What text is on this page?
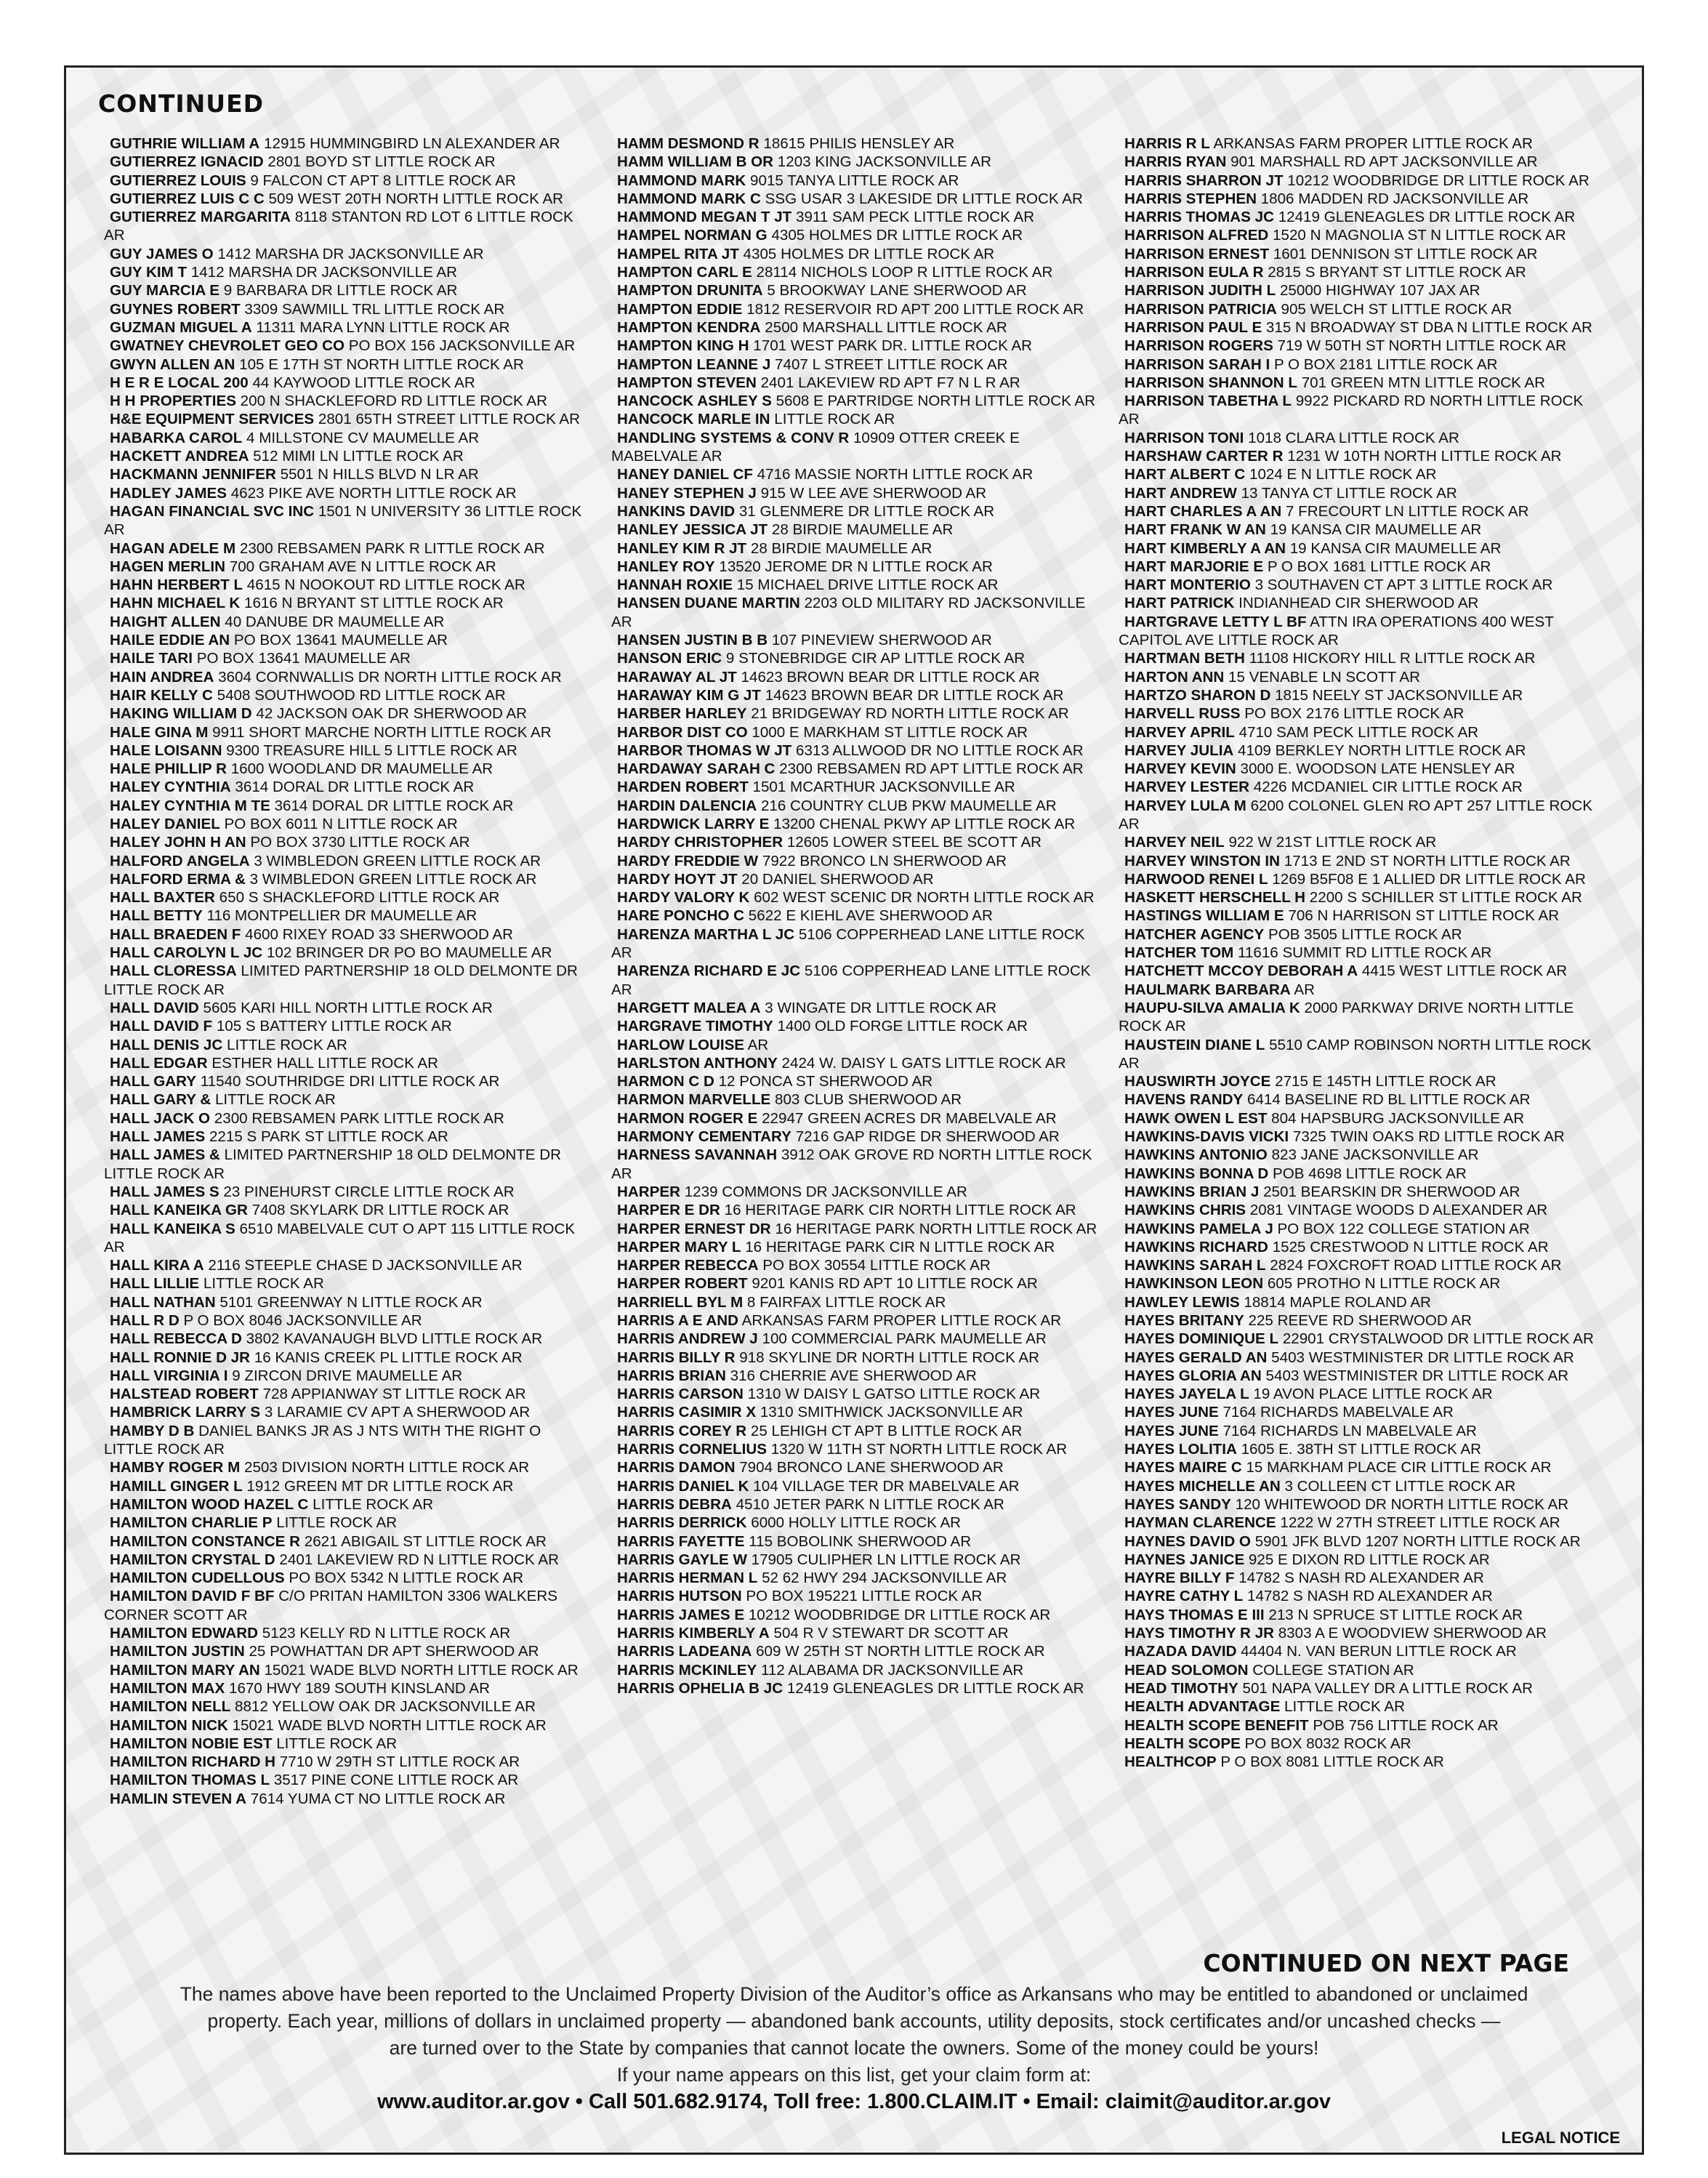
CONTINUED

GUTHRIE WILLIAM A 12915 HUMMINGBIRD LN ALEXANDER AR

GUTIERREZ IGNACID 2801 BOYD ST LITTLE ROCK AR

GUTIERREZ LOUIS 9 FALCON CT APT 8 LITTLE ROCK AR

GUTIERREZ LUIS C C 509 WEST 20TH NORTH LITTLE ROCK AR

GUTIERREZ MARGARITA 8118 STANTON RD LOT 6 LITTLE ROCK AR

GUY JAMES O 1412 MARSHA DR JACKSONVILLE AR

GUY KIM T 1412 MARSHA DR JACKSONVILLE AR

GUY MARCIA E 9 BARBARA DR LITTLE ROCK AR

GUYNES ROBERT 3309 SAWMILL TRL LITTLE ROCK AR

GUZMAN MIGUEL A 11311 MARA LYNN LITTLE ROCK AR

GWATNEY CHEVROLET GEO CO PO BOX 156 JACKSONVILLE AR

GWYN ALLEN AN 105 E 17TH ST NORTH LITTLE ROCK AR

H E R E LOCAL 200 44 KAYWOOD LITTLE ROCK AR

H H PROPERTIES 200 N SHACKLEFORD RD LITTLE ROCK AR

H&E EQUIPMENT SERVICES 2801 65TH STREET LITTLE ROCK AR

HABARKA CAROL 4 MILLSTONE CV MAUMELLE AR

HACKETT ANDREA 512 MIMI LN LITTLE ROCK AR

HACKMANN JENNIFER 5501 N HILLS BLVD N LR AR

HADLEY JAMES 4623 PIKE AVE NORTH LITTLE ROCK AR

HAGAN FINANCIAL SVC INC 1501 N UNIVERSITY 36 LITTLE ROCK AR

HAGAN ADELE M 2300 REBSAMEN PARK R LITTLE ROCK AR

HAGEN MERLIN 700 GRAHAM AVE N LITTLE ROCK AR

HAHN HERBERT L 4615 N NOOKOUT RD LITTLE ROCK AR

HAHN MICHAEL K 1616 N BRYANT ST LITTLE ROCK AR

HAIGHT ALLEN 40 DANUBE DR MAUMELLE AR

HAILE EDDIE AN PO BOX 13641 MAUMELLE AR

HAILE TARI PO BOX 13641 MAUMELLE AR

HAIN ANDREA 3604 CORNWALLIS DR NORTH LITTLE ROCK AR

HAIR KELLY C 5408 SOUTHWOOD RD LITTLE ROCK AR

HAKING WILLIAM D 42 JACKSON OAK DR SHERWOOD AR

HALE GINA M 9911 SHORT MARCHE NORTH LITTLE ROCK AR

HALE LOISANN 9300 TREASURE HILL 5 LITTLE ROCK AR

HALE PHILLIP R 1600 WOODLAND DR MAUMELLE AR

HALEY CYNTHIA 3614 DORAL DR LITTLE ROCK AR

HALEY CYNTHIA M TE 3614 DORAL DR LITTLE ROCK AR

HALEY DANIEL PO BOX 6011 N LITTLE ROCK AR

HALEY JOHN H AN PO BOX 3730 LITTLE ROCK AR

HALFORD ANGELA 3 WIMBLEDON GREEN LITTLE ROCK AR

HALFORD ERMA & 3 WIMBLEDON GREEN LITTLE ROCK AR

HALL BAXTER 650 S SHACKLEFORD LITTLE ROCK AR

HALL BETTY 116 MONTPELLIER DR MAUMELLE AR

HALL BRAEDEN F 4600 RIXEY ROAD 33 SHERWOOD AR

HALL CAROLYN L JC 102 BRINGER DR PO BO MAUMELLE AR

HALL CLORESSA LIMITED PARTNERSHIP 18 OLD DELMONTE DR LITTLE ROCK AR

HALL DAVID 5605 KARI HILL NORTH LITTLE ROCK AR

HALL DAVID F 105 S BATTERY LITTLE ROCK AR

HALL DENIS JC LITTLE ROCK AR

HALL EDGAR ESTHER HALL LITTLE ROCK AR

HALL GARY 11540 SOUTHRIDGE DRI LITTLE ROCK AR

HALL GARY & LITTLE ROCK AR

HALL JACK O 2300 REBSAMEN PARK LITTLE ROCK AR

HALL JAMES 2215 S PARK ST LITTLE ROCK AR

HALL JAMES & LIMITED PARTNERSHIP 18 OLD DELMONTE DR LITTLE ROCK AR

HALL JAMES S 23 PINEHURST CIRCLE LITTLE ROCK AR

HALL KANEIKA GR 7408 SKYLARK DR LITTLE ROCK AR

HALL KANEIKA S 6510 MABELVALE CUT O APT 115 LITTLE ROCK AR

HALL KIRA A 2116 STEEPLE CHASE D JACKSONVILLE AR

HALL LILLIE LITTLE ROCK AR

HALL NATHAN 5101 GREENWAY N LITTLE ROCK AR

HALL R D P O BOX 8046 JACKSONVILLE AR

HALL REBECCA D 3802 KAVANAUGH BLVD LITTLE ROCK AR

HALL RONNIE D JR 16 KANIS CREEK PL LITTLE ROCK AR

HALL VIRGINIA I 9 ZIRCON DRIVE MAUMELLE AR

HALSTEAD ROBERT 728 APPIANWAY ST LITTLE ROCK AR

HAMBRICK LARRY S 3 LARAMIE CV APT A SHERWOOD AR

HAMBY D B DANIEL BANKS JR AS J NTS WITH THE RIGHT O LITTLE ROCK AR

HAMBY ROGER M 2503 DIVISION NORTH LITTLE ROCK AR

HAMILL GINGER L 1912 GREEN MT DR LITTLE ROCK AR

HAMILTON WOOD HAZEL C LITTLE ROCK AR

HAMILTON CHARLIE P LITTLE ROCK AR

HAMILTON CONSTANCE R 2621 ABIGAIL ST LITTLE ROCK AR

HAMILTON CRYSTAL D 2401 LAKEVIEW RD N LITTLE ROCK AR

HAMILTON CUDELLOUS PO BOX 5342 N LITTLE ROCK AR

HAMILTON DAVID F BF C/O PRITAN HAMILTON 3306 WALKERS CORNER SCOTT AR

HAMILTON EDWARD 5123 KELLY RD N LITTLE ROCK AR

HAMILTON JUSTIN 25 POWHATTAN DR APT SHERWOOD AR

HAMILTON MARY AN 15021 WADE BLVD NORTH LITTLE ROCK AR

HAMILTON MAX 1670 HWY 189 SOUTH KINSLAND AR

HAMILTON NELL 8812 YELLOW OAK DR JACKSONVILLE AR

HAMILTON NICK 15021 WADE BLVD NORTH LITTLE ROCK AR

HAMILTON NOBIE EST LITTLE ROCK AR

HAMILTON RICHARD H 7710 W 29TH ST LITTLE ROCK AR

HAMILTON THOMAS L 3517 PINE CONE LITTLE ROCK AR

HAMLIN STEVEN A 7614 YUMA CT NO LITTLE ROCK AR

HAMM DESMOND R 18615 PHILIS HENSLEY AR

HAMM WILLIAM B OR 1203 KING JACKSONVILLE AR

HAMMOND MARK 9015 TANYA LITTLE ROCK AR

HAMMOND MARK C SSG USAR 3 LAKESIDE DR LITTLE ROCK AR

HAMMOND MEGAN T JT 3911 SAM PECK LITTLE ROCK AR

HAMPEL NORMAN G 4305 HOLMES DR LITTLE ROCK AR

HAMPEL RITA JT 4305 HOLMES DR LITTLE ROCK AR

HAMPTON CARL E 28114 NICHOLS LOOP R LITTLE ROCK AR

HAMPTON DRUNITA 5 BROOKWAY LANE SHERWOOD AR

HAMPTON EDDIE 1812 RESERVOIR RD APT 200 LITTLE ROCK AR

HAMPTON KENDRA 2500 MARSHALL LITTLE ROCK AR

HAMPTON KING H 1701 WEST PARK DR. LITTLE ROCK AR

HAMPTON LEANNE J 7407 L STREET LITTLE ROCK AR

HAMPTON STEVEN 2401 LAKEVIEW RD APT F7 N L R AR

HANCOCK ASHLEY S 5608 E PARTRIDGE NORTH LITTLE ROCK AR

HANCOCK MARLE IN LITTLE ROCK AR

HANDLING SYSTEMS & CONV R 10909 OTTER CREEK E MABELVALE AR

HANEY DANIEL CF 4716 MASSIE NORTH LITTLE ROCK AR

HANEY STEPHEN J 915 W LEE AVE SHERWOOD AR

HANKINS DAVID 31 GLENMERE DR LITTLE ROCK AR

HANLEY JESSICA JT 28 BIRDIE MAUMELLE AR

HANLEY KIM R JT 28 BIRDIE MAUMELLE AR

HANLEY ROY 13520 JEROME DR N LITTLE ROCK AR

HANNAH ROXIE 15 MICHAEL DRIVE LITTLE ROCK AR

HANSEN DUANE MARTIN 2203 OLD MILITARY RD JACKSONVILLE AR

HANSEN JUSTIN B B 107 PINEVIEW SHERWOOD AR

HANSON ERIC 9 STONEBRIDGE CIR AP LITTLE ROCK AR

HARAWAY AL JT 14623 BROWN BEAR DR LITTLE ROCK AR

HARAWAY KIM G JT 14623 BROWN BEAR DR LITTLE ROCK AR

HARBER HARLEY 21 BRIDGEWAY RD NORTH LITTLE ROCK AR

HARBOR DIST CO 1000 E MARKHAM ST LITTLE ROCK AR

HARBOR THOMAS W JT 6313 ALLWOOD DR NO LITTLE ROCK AR

HARDAWAY SARAH C 2300 REBSAMEN RD APT LITTLE ROCK AR

HARDEN ROBERT 1501 MCARTHUR JACKSONVILLE AR

HARDIN DALENCIA 216 COUNTRY CLUB PKW MAUMELLE AR

HARDWICK LARRY E 13200 CHENAL PKWY AP LITTLE ROCK AR

HARDY CHRISTOPHER 12605 LOWER STEEL BE SCOTT AR

HARDY FREDDIE W 7922 BRONCO LN SHERWOOD AR

HARDY HOYT JT 20 DANIEL SHERWOOD AR

HARDY VALORY K 602 WEST SCENIC DR NORTH LITTLE ROCK AR

HARE PONCHO C 5622 E KIEHL AVE SHERWOOD AR

HARENZA MARTHA L JC 5106 COPPERHEAD LANE LITTLE ROCK AR

HARENZA RICHARD E JC 5106 COPPERHEAD LANE LITTLE ROCK AR

HARGETT MALEA A 3 WINGATE DR LITTLE ROCK AR

HARGRAVE TIMOTHY 1400 OLD FORGE LITTLE ROCK AR

HARLOW LOUISE AR

HARLSTON ANTHONY 2424 W. DAISY L GATS LITTLE ROCK AR

HARMON C D 12 PONCA ST SHERWOOD AR

HARMON MARVELLE 803 CLUB SHERWOOD AR

HARMON ROGER E 22947 GREEN ACRES DR MABELVALE AR

HARMONY CEMENTARY 7216 GAP RIDGE DR SHERWOOD AR

HARNESS SAVANNAH 3912 OAK GROVE RD NORTH LITTLE ROCK AR

HARPER 1239 COMMONS DR JACKSONVILLE AR

HARPER E DR 16 HERITAGE PARK CIR NORTH LITTLE ROCK AR

HARPER ERNEST DR 16 HERITAGE PARK NORTH LITTLE ROCK AR

HARPER MARY L 16 HERITAGE PARK CIR N LITTLE ROCK AR

HARPER REBECCA PO BOX 30554 LITTLE ROCK AR

HARPER ROBERT 9201 KANIS RD APT 10 LITTLE ROCK AR

HARRIELL BYL M 8 FAIRFAX LITTLE ROCK AR

HARRIS A E AND ARKANSAS FARM PROPER LITTLE ROCK AR

HARRIS ANDREW J 100 COMMERCIAL PARK MAUMELLE AR

HARRIS BILLY R 918 SKYLINE DR NORTH LITTLE ROCK AR

HARRIS BRIAN 316 CHERRIE AVE SHERWOOD AR

HARRIS CARSON 1310 W DAISY L GATSO LITTLE ROCK AR

HARRIS CASIMIR X 1310 SMITHWICK JACKSONVILLE AR

HARRIS COREY R 25 LEHIGH CT APT B LITTLE ROCK AR

HARRIS CORNELIUS 1320 W 11TH ST NORTH LITTLE ROCK AR

HARRIS DAMON 7904 BRONCO LANE SHERWOOD AR

HARRIS DANIEL K 104 VILLAGE TER DR MABELVALE AR

HARRIS DEBRA 4510 JETER PARK N LITTLE ROCK AR

HARRIS DERRICK 6000 HOLLY LITTLE ROCK AR

HARRIS FAYETTE 115 BOBOLINK SHERWOOD AR

HARRIS GAYLE W 17905 CULIPHER LN LITTLE ROCK AR

HARRIS HERMAN L 52 62 HWY 294 JACKSONVILLE AR

HARRIS HUTSON PO BOX 195221 LITTLE ROCK AR

HARRIS JAMES E 10212 WOODBRIDGE DR LITTLE ROCK AR

HARRIS KIMBERLY A 504 R V STEWART DR SCOTT AR

HARRIS LADEANA 609 W 25TH ST NORTH LITTLE ROCK AR

HARRIS MCKINLEY 112 ALABAMA DR JACKSONVILLE AR

HARRIS OPHELIA B JC 12419 GLENEAGLES DR LITTLE ROCK AR

HARRIS R L ARKANSAS FARM PROPER LITTLE ROCK AR

HARRIS RYAN 901 MARSHALL RD APT JACKSONVILLE AR

HARRIS SHARRON JT 10212 WOODBRIDGE DR LITTLE ROCK AR

HARRIS STEPHEN 1806 MADDEN RD JACKSONVILLE AR

HARRIS THOMAS JC 12419 GLENEAGLES DR LITTLE ROCK AR

HARRISON ALFRED 1520 N MAGNOLIA ST N LITTLE ROCK AR

HARRISON ERNEST 1601 DENNISON ST LITTLE ROCK AR

HARRISON EULA R 2815 S BRYANT ST LITTLE ROCK AR

HARRISON JUDITH L 25000 HIGHWAY 107 JAX AR

HARRISON PATRICIA 905 WELCH ST LITTLE ROCK AR

HARRISON PAUL E 315 N BROADWAY ST DBA N LITTLE ROCK AR

HARRISON ROGERS 719 W 50TH ST NORTH LITTLE ROCK AR

HARRISON SARAH I P O BOX 2181 LITTLE ROCK AR

HARRISON SHANNON L 701 GREEN MTN LITTLE ROCK AR

HARRISON TABETHA L 9922 PICKARD RD NORTH LITTLE ROCK AR

HARRISON TONI 1018 CLARA LITTLE ROCK AR

HARSHAW CARTER R 1231 W 10TH NORTH LITTLE ROCK AR

HART ALBERT C 1024 E N LITTLE ROCK AR

HART ANDREW 13 TANYA CT LITTLE ROCK AR

HART CHARLES A AN 7 FRECOURT LN LITTLE ROCK AR

HART FRANK W AN 19 KANSA CIR MAUMELLE AR

HART KIMBERLY A AN 19 KANSA CIR MAUMELLE AR

HART MARJORIE E P O BOX 1681 LITTLE ROCK AR

HART MONTERIO 3 SOUTHAVEN CT APT 3 LITTLE ROCK AR

HART PATRICK INDIANHEAD CIR SHERWOOD AR

HARTGRAVE LETTY L BF ATTN IRA OPERATIONS 400 WEST CAPITOL AVE LITTLE ROCK AR

HARTMAN BETH 11108 HICKORY HILL R LITTLE ROCK AR

HARTON ANN 15 VENABLE LN SCOTT AR

HARTZO SHARON D 1815 NEELY ST JACKSONVILLE AR

HARVELL RUSS PO BOX 2176 LITTLE ROCK AR

HARVEY APRIL 4710 SAM PECK LITTLE ROCK AR

HARVEY JULIA 4109 BERKLEY NORTH LITTLE ROCK AR

HARVEY KEVIN 3000 E. WOODSON LATE HENSLEY AR

HARVEY LESTER 4226 MCDANIEL CIR LITTLE ROCK AR

HARVEY LULA M 6200 COLONEL GLEN RO APT 257 LITTLE ROCK AR

HARVEY NEIL 922 W 21ST LITTLE ROCK AR

HARVEY WINSTON IN 1713 E 2ND ST NORTH LITTLE ROCK AR

HARWOOD RENEI L 1269 B5F08 E 1 ALLIED DR LITTLE ROCK AR

HASKETT HERSCHELL H 2200 S SCHILLER ST LITTLE ROCK AR

HASTINGS WILLIAM E 706 N HARRISON ST LITTLE ROCK AR

HATCHER AGENCY POB 3505 LITTLE ROCK AR

HATCHER TOM 11616 SUMMIT RD LITTLE ROCK AR

HATCHETT MCCOY DEBORAH A 4415 WEST LITTLE ROCK AR

HAULMARK BARBARA AR

HAUPU-SILVA AMALIA K 2000 PARKWAY DRIVE NORTH LITTLE ROCK AR

HAUSTEIN DIANE L 5510 CAMP ROBINSON NORTH LITTLE ROCK AR

HAUSWIRTH JOYCE 2715 E 145TH LITTLE ROCK AR

HAVENS RANDY 6414 BASELINE RD BL LITTLE ROCK AR

HAWK OWEN L EST 804 HAPSBURG JACKSONVILLE AR

HAWKINS-DAVIS VICKI 7325 TWIN OAKS RD LITTLE ROCK AR

HAWKINS ANTONIO 823 JANE JACKSONVILLE AR

HAWKINS BONNA D POB 4698 LITTLE ROCK AR

HAWKINS BRIAN J 2501 BEARSKIN DR SHERWOOD AR

HAWKINS CHRIS 2081 VINTAGE WOODS D ALEXANDER AR

HAWKINS PAMELA J PO BOX 122 COLLEGE STATION AR

HAWKINS RICHARD 1525 CRESTWOOD N LITTLE ROCK AR

HAWKINS SARAH L 2824 FOXCROFT ROAD LITTLE ROCK AR

HAWKINSON LEON 605 PROTHO N LITTLE ROCK AR

HAWLEY LEWIS 18814 MAPLE ROLAND AR

HAYES BRITANY 225 REEVE RD SHERWOOD AR

HAYES DOMINIQUE L 22901 CRYSTALWOOD DR LITTLE ROCK AR

HAYES GERALD AN 5403 WESTMINISTER DR LITTLE ROCK AR

HAYES GLORIA AN 5403 WESTMINISTER DR LITTLE ROCK AR

HAYES JAYELA L 19 AVON PLACE LITTLE ROCK AR

HAYES JUNE 7164 RICHARDS MABELVALE AR

HAYES JUNE 7164 RICHARDS LN MABELVALE AR

HAYES LOLITIA 1605 E. 38TH ST LITTLE ROCK AR

HAYES MAIRE C 15 MARKHAM PLACE CIR LITTLE ROCK AR

HAYES MICHELLE AN 3 COLLEEN CT LITTLE ROCK AR

HAYES SANDY 120 WHITEWOOD DR NORTH LITTLE ROCK AR

HAYMAN CLARENCE 1222 W 27TH STREET LITTLE ROCK AR

HAYNES DAVID O 5901 JFK BLVD 1207 NORTH LITTLE ROCK AR

HAYNES JANICE 925 E DIXON RD LITTLE ROCK AR

HAYRE BILLY F 14782 S NASH RD ALEXANDER AR

HAYRE CATHY L 14782 S NASH RD ALEXANDER AR

HAYS THOMAS E III 213 N SPRUCE ST LITTLE ROCK AR

HAYS TIMOTHY R JR 8303 A E WOODVIEW SHERWOOD AR

HAZADA DAVID 44404 N. VAN BERUN LITTLE ROCK AR

HEAD SOLOMON COLLEGE STATION AR

HEAD TIMOTHY 501 NAPA VALLEY DR A LITTLE ROCK AR

HEALTH ADVANTAGE LITTLE ROCK AR

HEALTH SCOPE BENEFIT POB 756 LITTLE ROCK AR

HEALTH SCOPE PO BOX 8032 ROCK AR

HEALTHCOP P O BOX 8081 LITTLE ROCK AR

CONTINUED ON NEXT PAGE

The names above have been reported to the Unclaimed Property Division of the Auditor’s office as Arkansans who may be entitled to abandoned or unclaimed

property. Each year, millions of dollars in unclaimed property — abandoned bank accounts, utility deposits, stock certificates and/or uncashed checks —

are turned over to the State by companies that cannot locate the owners. Some of the money could be yours!

If your name appears on this list, get your claim form at:

www.auditor.ar.gov • Call 501.682.9174, Toll free: 1.800.CLAIM.IT • Email: claimit@auditor.ar.gov
LEGAL NOTICE
